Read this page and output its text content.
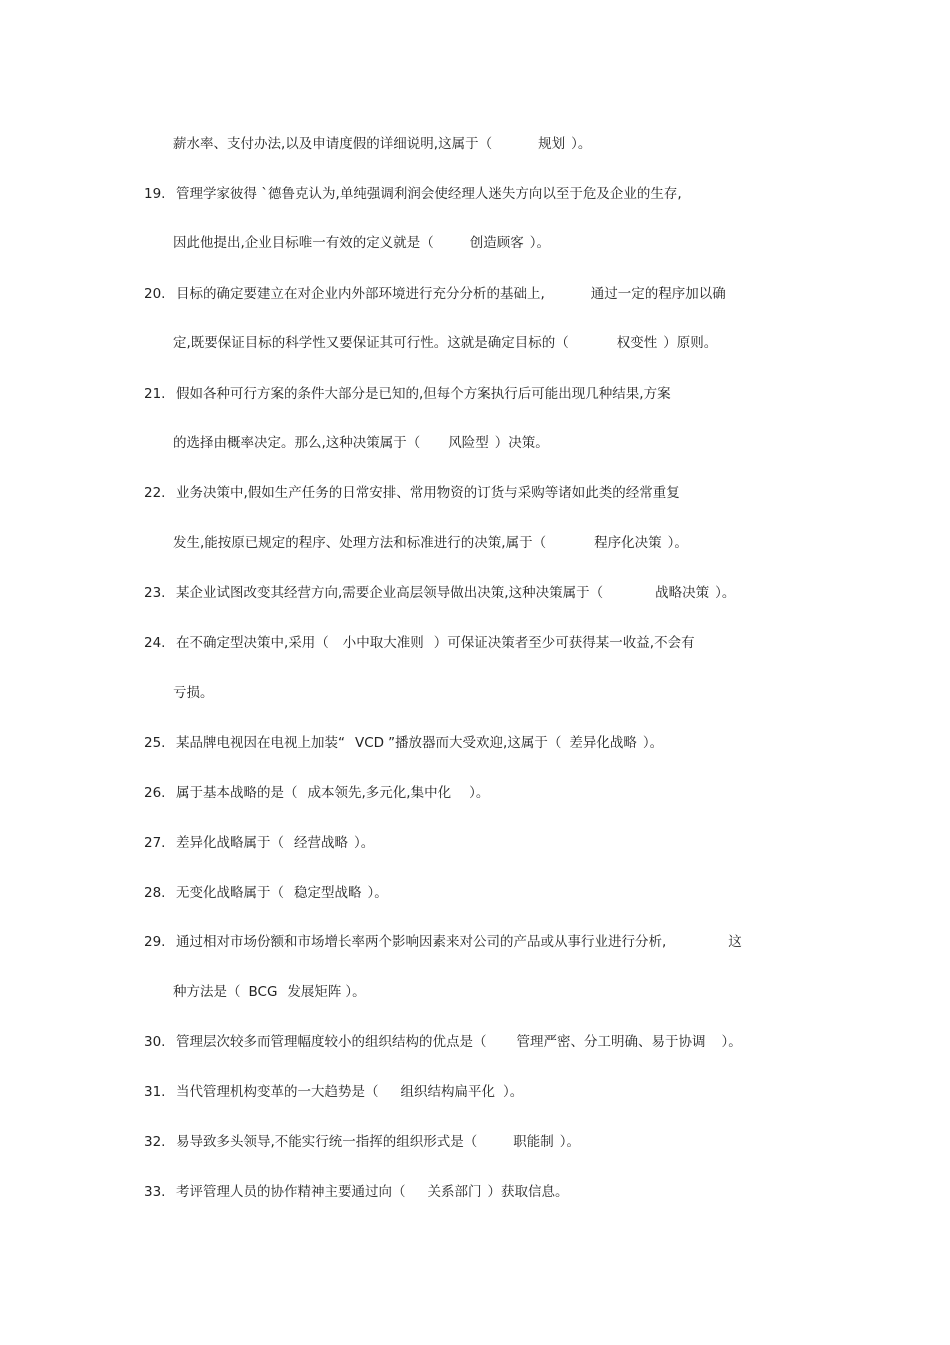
薪水率、支付办法,以及申请度假的详细说明,这属于（	规划 ）。
19. 管理学家彼得 `德鲁克认为,单纯强调利润会使经理人迷失方向以至于危及企业的生存,
因此他提出,企业目标唯一有效的定义就是（	创造顾客 ）。
20. 目标的确定要建立在对企业内外部环境进行充分分析的基础上,	通过一定的程序加以确
定,既要保证目标的科学性又要保证其可行性。这就是确定目标的（	权变性 ）原则。
21. 假如各种可行方案的条件大部分是已知的,但每个方案执行后可能出现几种结果,方案
的选择由概率决定。那么,这种决策属于（ 风险型 ）决策。
22. 业务决策中,假如生产任务的日常安排、常用物资的订货与采购等诸如此类的经常重复
发生,能按原已规定的程序、处理方法和标准进行的决策,属于（	程序化决策 ）。
23. 某企业试图改变其经营方向,需要企业高层领导做出决策,这种决策属于（	战略决策 ）。
24. 在不确定型决策中,采用（ 小中取大准则 ）可保证决策者至少可获得某一收益,不会有
亏损。
25. 某品牌电视因在电视上加装“ VCD ”播放器而大受欢迎,这属于（ 差异化战略 ）。
26. 属于基本战略的是（ 成本领先,多元化,集中化 ）。
27. 差异化战略属于（ 经营战略 ）。
28. 无变化战略属于（ 稳定型战略 ）。
29. 通过相对市场份额和市场增长率两个影响因素来对公司的产品或从事行业进行分析,	这
种方法是（ BCG 发展矩阵 ）。
30. 管理层次较多而管理幅度较小的组织结构的优点是（ 管理严密、分工明确、易于协调 ）。
31. 当代管理机构变革的一大趋势是（ 组织结构扁平化 ）。
32. 易导致多头领导,不能实行统一指挥的组织形式是（	职能制 ）。
33. 考评管理人员的协作精神主要通过向（ 关系部门 ）获取信息。
